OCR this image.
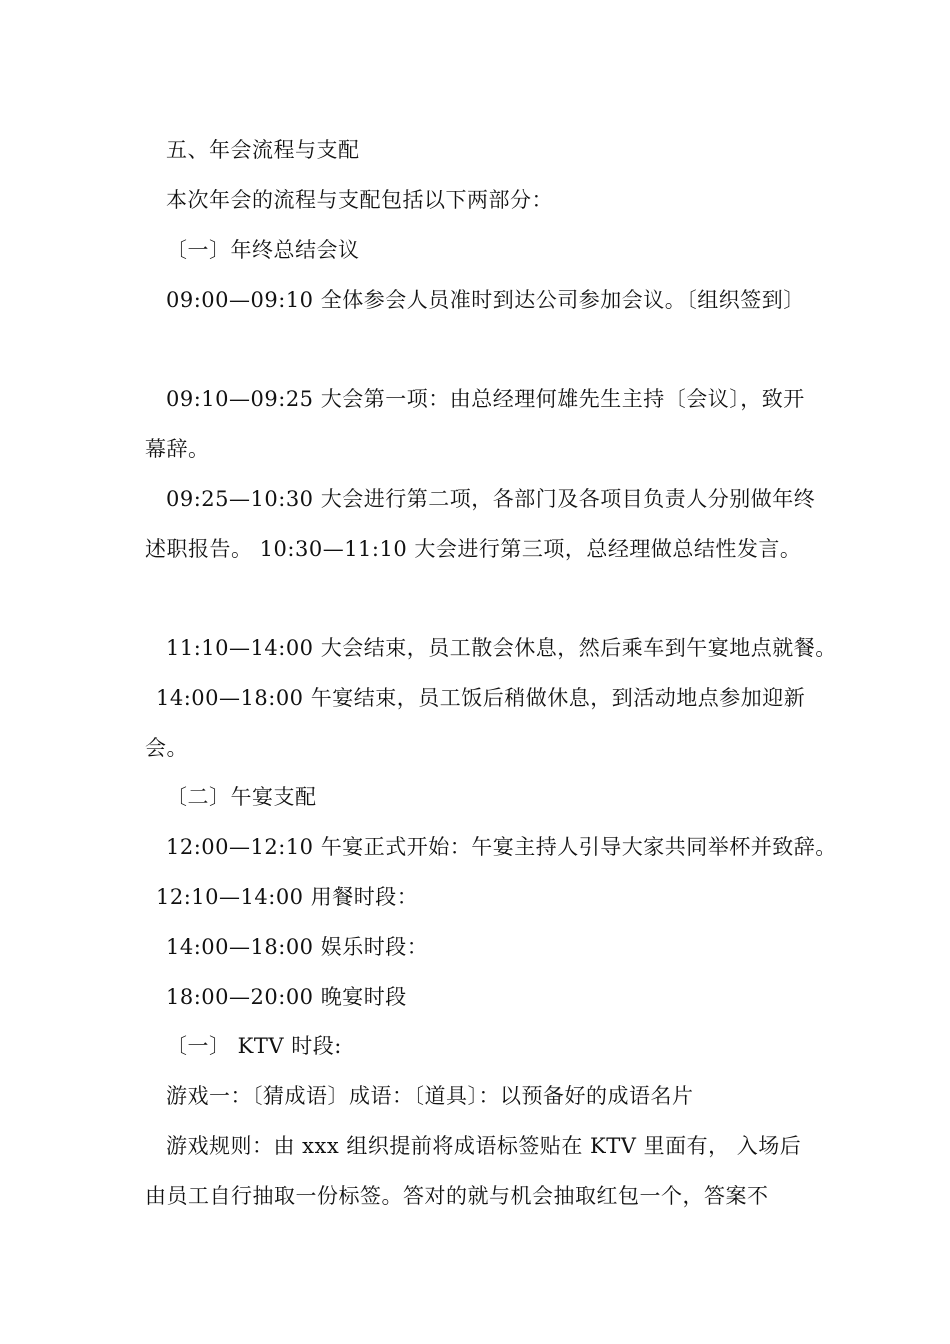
五、年会流程与支配
本次年会的流程与支配包括以下两部分：
〔一〕年终总结会议
09:00—09:10 全体参会人员准时到达公司参加会议。〔组织签到〕
09:10—09:25 大会第一项：由总经理何雄先生主持〔会议〕，致开
幕辞。
09:25—10:30 大会进行第二项，各部门及各项目负责人分别做年终
述职报告。 10:30—11:10 大会进行第三项，总经理做总结性发言。
11:10—14:00 大会结束，员工散会休息，然后乘车到午宴地点就餐。
14:00—18:00 午宴结束，员工饭后稍做休息，到活动地点参加迎新
会。
〔二〕午宴支配
12:00—12:10 午宴正式开始：午宴主持人引导大家共同举杯并致辞。
12:10—14:00 用餐时段：
14:00—18:00 娱乐时段：
18:00—20:00 晚宴时段
〔一〕 KTV 时段:
游戏一：〔猜成语〕成语：〔道具〕：以预备好的成语名片
游戏规则：由 xxx 组织提前将成语标签贴在 KTV 里面有， 入场后
由员工自行抽取一份标签。答对的就与机会抽取红包一个，答案不
